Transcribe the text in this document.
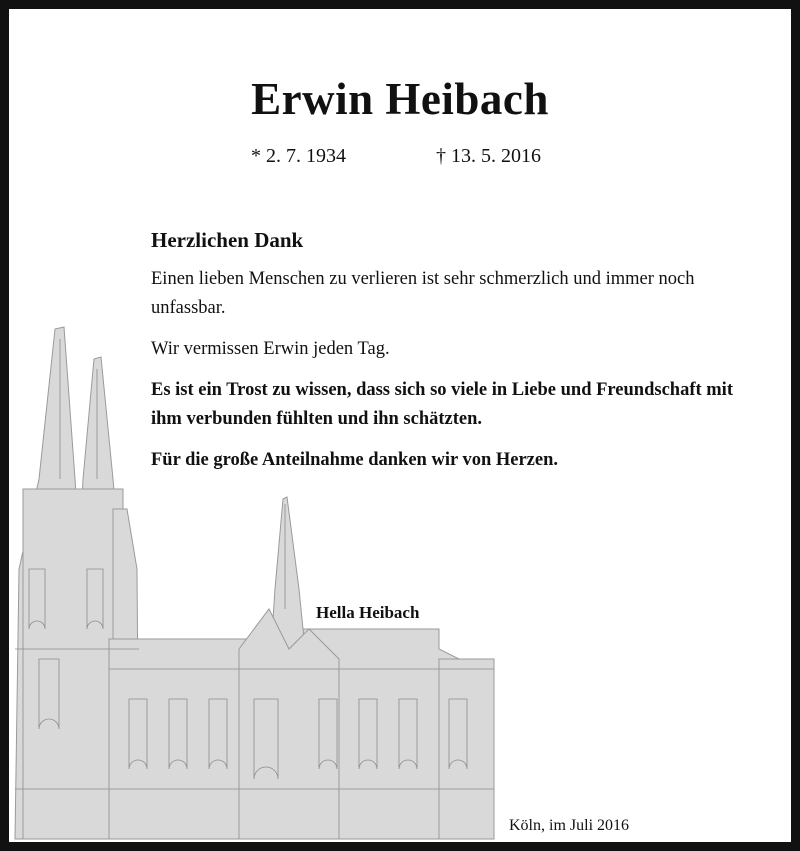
Erwin Heibach
* 2. 7. 1934	† 13. 5. 2016

Herzlichen Dank

Einen lieben Menschen zu verlieren ist sehr schmerzlich und immer noch unfassbar.

Wir vermissen Erwin jeden Tag.

Es ist ein Trost zu wissen, dass sich so viele in Liebe und Freundschaft mit ihm verbunden fühlten und ihn schätzten.

Für die große Anteilnahme danken wir von Herzen.

Hella Heibach
Köln, im Juli 2016
